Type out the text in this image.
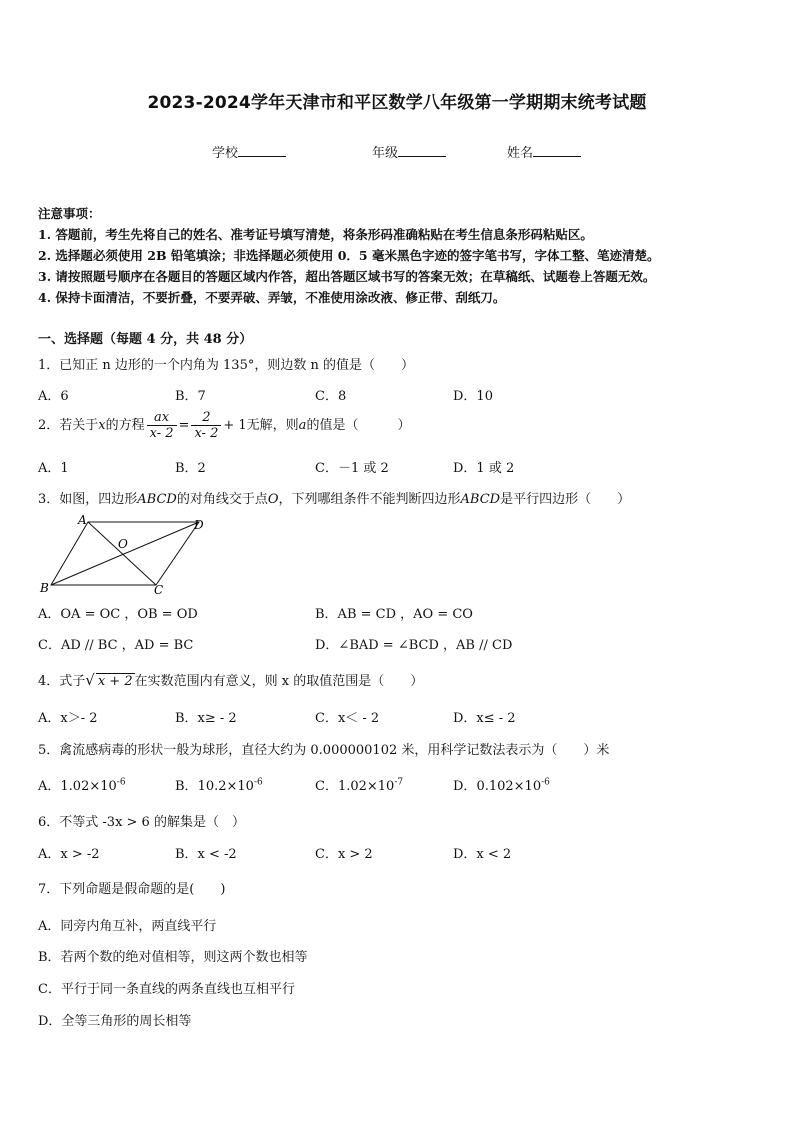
2023-2024学年天津市和平区数学八年级第一学期期末统考试题
学校	年级	姓名
注意事项：
1. 答题前，考生先将自己的姓名、准考证号填写清楚，将条形码准确粘贴在考生信息条形码粘贴区。
2. 选择题必须使用 2B 铅笔填涂；非选择题必须使用 0．5 毫米黑色字迹的签字笔书写，字体工整、笔迹清楚。
3. 请按照题号顺序在各题目的答题区域内作答，超出答题区域书写的答案无效；在草稿纸、试题卷上答题无效。
4. 保持卡面清洁，不要折叠，不要弄破、弄皱，不准使用涂改液、修正带、刮纸刀。
一、选择题（每题 4 分，共 48 分）
1．已知正 n 边形的一个内角为 135°，则边数 n 的值是（　　）
A．6	B．7	C．8	D．10
2．若关于x的方程 $\frac{ax}{x- 2} = \frac{2}{x- 2} + 1$无解，则a的值是（　　　）
A．1	B．2	C．－1 或 2	D．1 或 2
3．如图，四边形ABCD的对角线交于点O，下列哪组条件不能判断四边形ABCD是平行四边形（　　）
A	D
B	C
O
A．OA = OC ，OB = OD	B．AB = CD ，AO = CO
C．AD // BC ，AD = BC	D．∠BAD = ∠BCD ，AB // CD
4．式子√ x + 2 在实数范围内有意义，则 x 的取值范围是（　　）
A．x＞- 2	B．x≥ - 2	C．x＜ - 2	D．x≤ - 2
5．禽流感病毒的形状一般为球形，直径大约为 0.000000102 米，用科学记数法表示为（　　）米
A．$1.02\times 10^{-6}$	B．$10.2\times 10^{-6}$	C．$1.02\times 10^{-7}$	D．$0.102\times 10^{-6}$
6．不等式 -3x > 6 的解集是（　）
A．x > -2	B．x < -2	C．x > 2	D．x < 2
7．下列命题是假命题的是(　　)
A．同旁内角互补，两直线平行
B．若两个数的绝对值相等，则这两个数也相等
C．平行于同一条直线的两条直线也互相平行
D．全等三角形的周长相等
